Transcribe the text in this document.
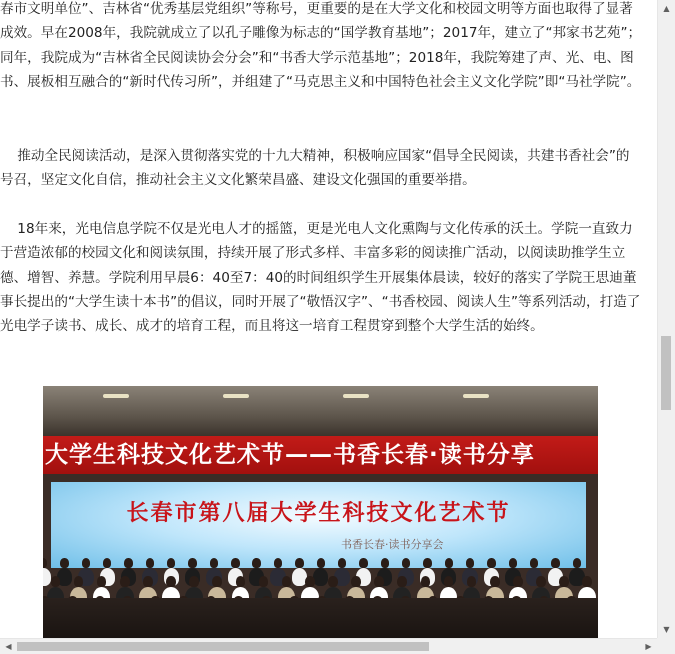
春市文明单位”、吉林省“优秀基层党组织”等称号，更重要的是在大学文化和校园文明等方面也取得了显著成效。早在2008年，我院就成立了以孔子雕像为标志的“国学教育基地”；2017年，建立了“邦家书艺苑”；同年，我院成为“吉林省全民阅读协会分会”和“书香大学示范基地”；2018年，我院筹建了声、光、电、图书、展板相互融合的“新时代传习所”，并组建了“马克思主义和中国特色社会主义文化学院”即“马社学院”。

推动全民阅读活动，是深入贯彻落实党的十九大精神，积极响应国家“倡导全民阅读，共建书香社会”的号召，坚定文化自信，推动社会主义文化繁荣昌盛、建设文化强国的重要举措。

18年来，光电信息学院不仅是光电人才的摇篮，更是光电人文化熏陶与文化传承的沃土。学院一直致力于营造浓郁的校园文化和阅读氛围，持续开展了形式多样、丰富多彩的阅读推广活动，以阅读助推学生立德、增智、养慧。学院利用早晨6：40至7：40的时间组织学生开展集体晨读，较好的落实了学院王思迪董事长提出的“大学生读十本书”的倡议，同时开展了“敬悟汉字”、“书香校园、阅读人生”等系列活动，打造了光电学子读书、成长、成才的培育工程，而且将这一培育工程贯穿到整个大学生活的始终。

大学生科技文化艺术节——书香长春·读书分享
长春市第八届大学生科技文化艺术节
书香长春·读书分享会
▲
▼
◀	▶
